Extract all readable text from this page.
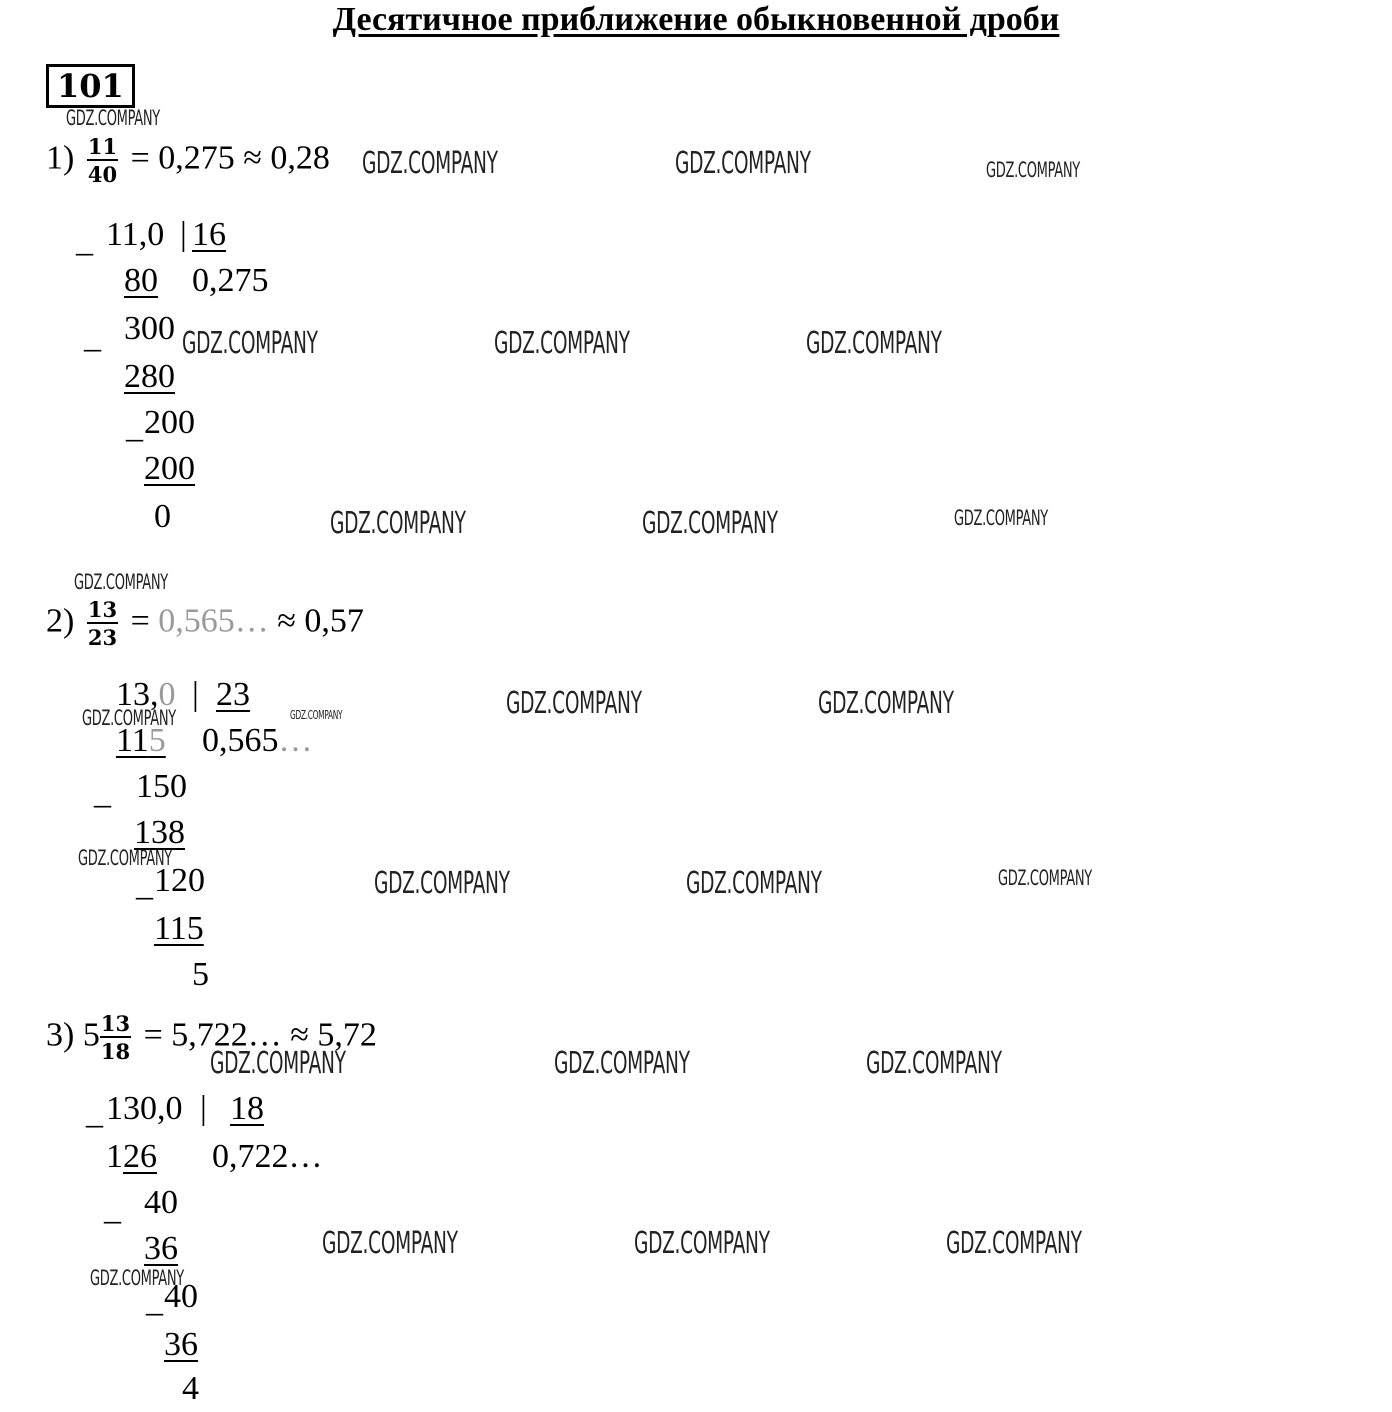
Десятичное приближение обыкновенной дроби
101
$1) \frac{11}{40} = 0,275 \approx 0,28$
_ 11,0 | 16
80 0,275
_ 300
280
_ 200
200
0
$2) \frac{13}{23}$ = 0,565… ≈ 0,57
13,0 | 23
115 0,565…
_ 150
138
_ 120
115
5
3) $5 \frac{13}{18}$ = 5,722… ≈ 5,72
_ 130,0 | 18
126 0,722…
_ 40
36
_ 40
36
4
GDZ.COMPANY
GDZ.COMPANY	GDZ.COMPANY	GDZ.COMPANY
GDZ.COMPANY	GDZ.COMPANY	GDZ.COMPANY
GDZ.COMPANY	GDZ.COMPANY	GDZ.COMPANY
GDZ.COMPANY
GDZ.COMPANY	GDZ.COMPANY
GDZ.COMPANY	GDZ.COMPANY
GDZ.COMPANY
GDZ.COMPANY	GDZ.COMPANY	GDZ.COMPANY
GDZ.COMPANY	GDZ.COMPANY	GDZ.COMPANY
GDZ.COMPANY	GDZ.COMPANY	GDZ.COMPANY
GDZ.COMPANY
